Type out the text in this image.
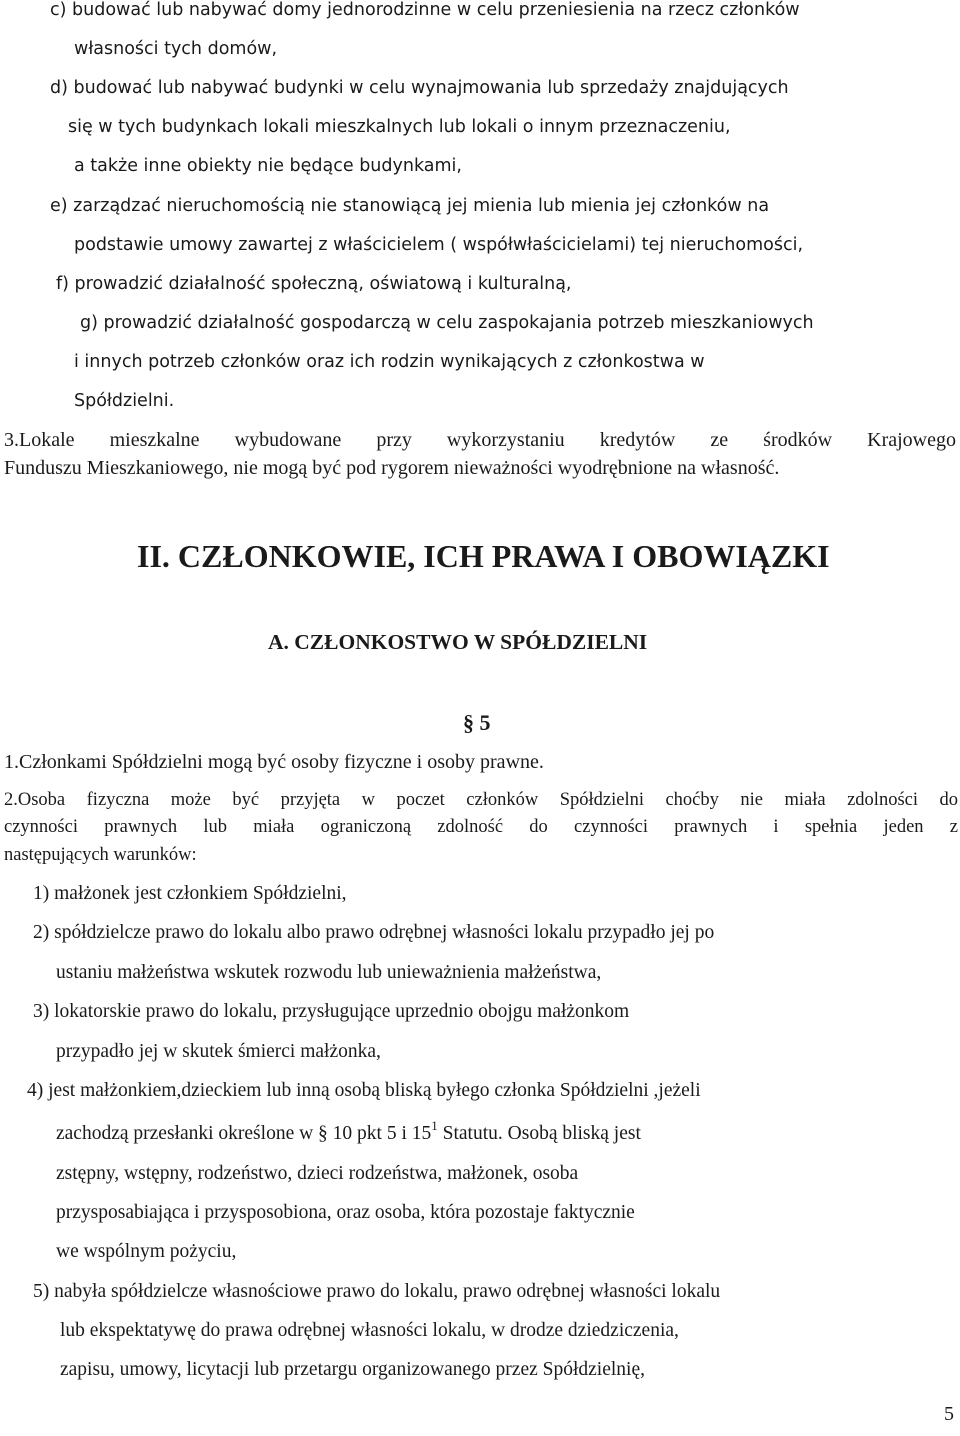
c) budować lub nabywać domy jednorodzinne w celu przeniesienia na rzecz członków
własności tych domów,
d) budować lub nabywać budynki w celu wynajmowania lub sprzedaży znajdujących
się w tych budynkach lokali mieszkalnych lub lokali o innym przeznaczeniu,
a także inne obiekty nie będące budynkami,
e) zarządzać nieruchomością nie stanowiącą jej mienia lub mienia jej członków na
podstawie umowy zawartej z właścicielem ( współwłaścicielami) tej nieruchomości,
f) prowadzić działalność społeczną, oświatową i kulturalną,
g) prowadzić działalność gospodarczą w celu zaspokajania potrzeb mieszkaniowych
i innych potrzeb członków oraz ich rodzin wynikających z członkostwa w
Spółdzielni.
3.Lokale mieszkalne wybudowane przy wykorzystaniu kredytów ze środków Krajowego
Funduszu Mieszkaniowego, nie mogą być pod rygorem nieważności wyodrębnione na własność.
II. CZŁONKOWIE, ICH PRAWA I OBOWIĄZKI
A. CZŁONKOSTWO W SPÓŁDZIELNI
§ 5
1.Członkami Spółdzielni mogą być osoby fizyczne i osoby prawne.
2.Osoba fizyczna może być przyjęta w poczet członków Spółdzielni choćby nie miała zdolności do
czynności prawnych lub miała ograniczoną zdolność do czynności prawnych i spełnia jeden z
następujących warunków:
1) małżonek jest członkiem Spółdzielni,
2) spółdzielcze prawo do lokalu albo prawo odrębnej własności lokalu przypadło jej po
ustaniu małżeństwa wskutek rozwodu lub unieważnienia małżeństwa,
3) lokatorskie prawo do lokalu, przysługujące uprzednio obojgu małżonkom
przypadło jej w skutek śmierci małżonka,
4) jest małżonkiem,dzieckiem lub inną osobą bliską byłego członka Spółdzielni ,jeżeli
zachodzą przesłanki określone w § 10 pkt 5 i $15^1$ Statutu. Osobą bliską jest
zstępny, wstępny, rodzeństwo, dzieci rodzeństwa, małżonek, osoba
przysposabiająca i przysposobiona, oraz osoba, która pozostaje faktycznie
we wspólnym pożyciu,
5) nabyła spółdzielcze własnościowe prawo do lokalu, prawo odrębnej własności lokalu
lub ekspektatywę do prawa odrębnej własności lokalu, w drodze dziedziczenia,
zapisu, umowy, licytacji lub przetargu organizowanego przez Spółdzielnię,
5
